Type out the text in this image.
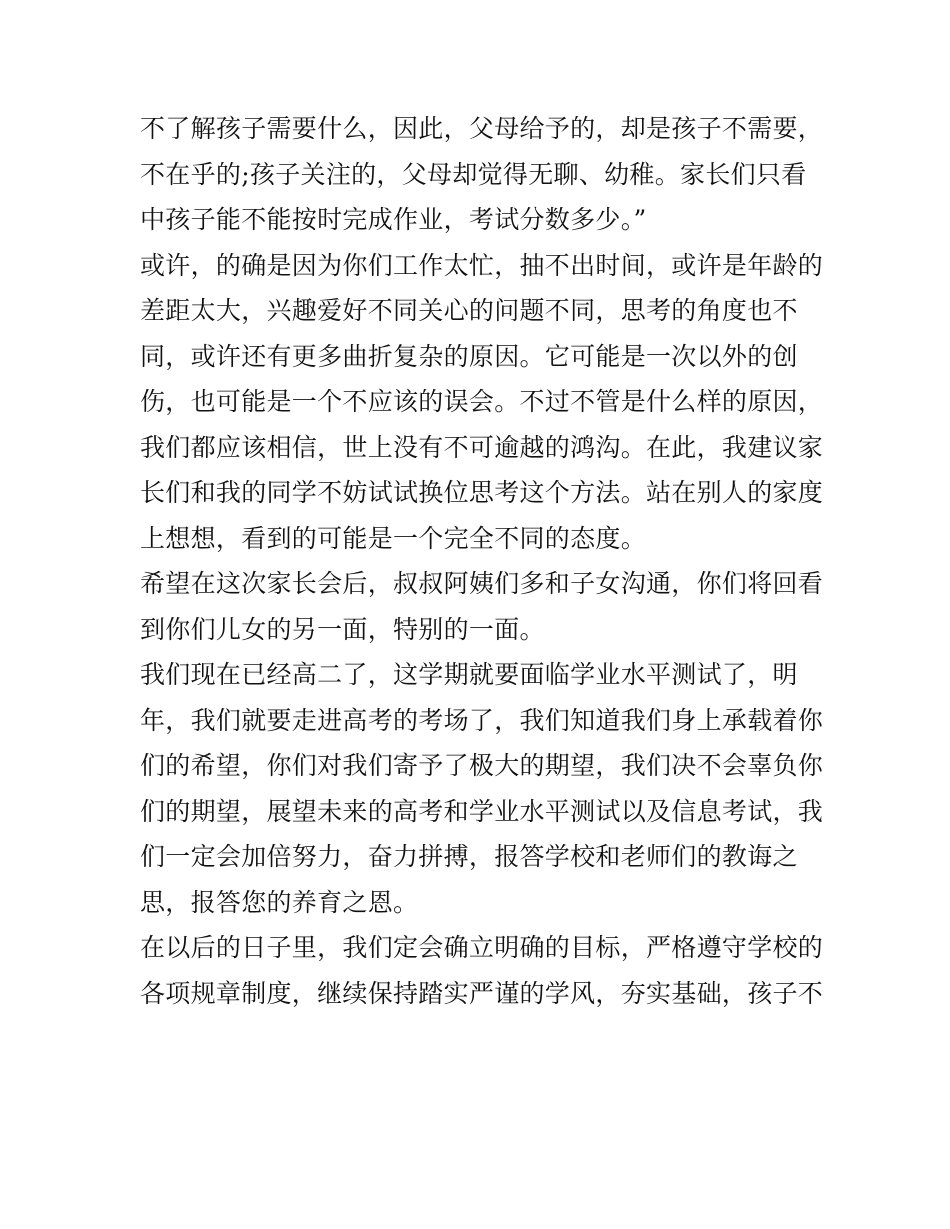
不了解孩子需要什么，因此，父母给予的，却是孩子不需要，
不在乎的;孩子关注的，父母却觉得无聊、幼稚。家长们只看
中孩子能不能按时完成作业，考试分数多少。”
或许，的确是因为你们工作太忙，抽不出时间，或许是年龄的
差距太大，兴趣爱好不同关心的问题不同，思考的角度也不
同，或许还有更多曲折复杂的原因。它可能是一次以外的创
伤，也可能是一个不应该的误会。不过不管是什么样的原因，
我们都应该相信，世上没有不可逾越的鸿沟。在此，我建议家
长们和我的同学不妨试试换位思考这个方法。站在别人的家度
上想想，看到的可能是一个完全不同的态度。
希望在这次家长会后，叔叔阿姨们多和子女沟通，你们将回看
到你们儿女的另一面，特别的一面。
我们现在已经高二了，这学期就要面临学业水平测试了，明
年，我们就要走进高考的考场了，我们知道我们身上承载着你
们的希望，你们对我们寄予了极大的期望，我们决不会辜负你
们的期望，展望未来的高考和学业水平测试以及信息考试，我
们一定会加倍努力，奋力拼搏，报答学校和老师们的教诲之
思，报答您的养育之恩。
在以后的日子里，我们定会确立明确的目标，严格遵守学校的
各项规章制度，继续保持踏实严谨的学风，夯实基础，孩子不
